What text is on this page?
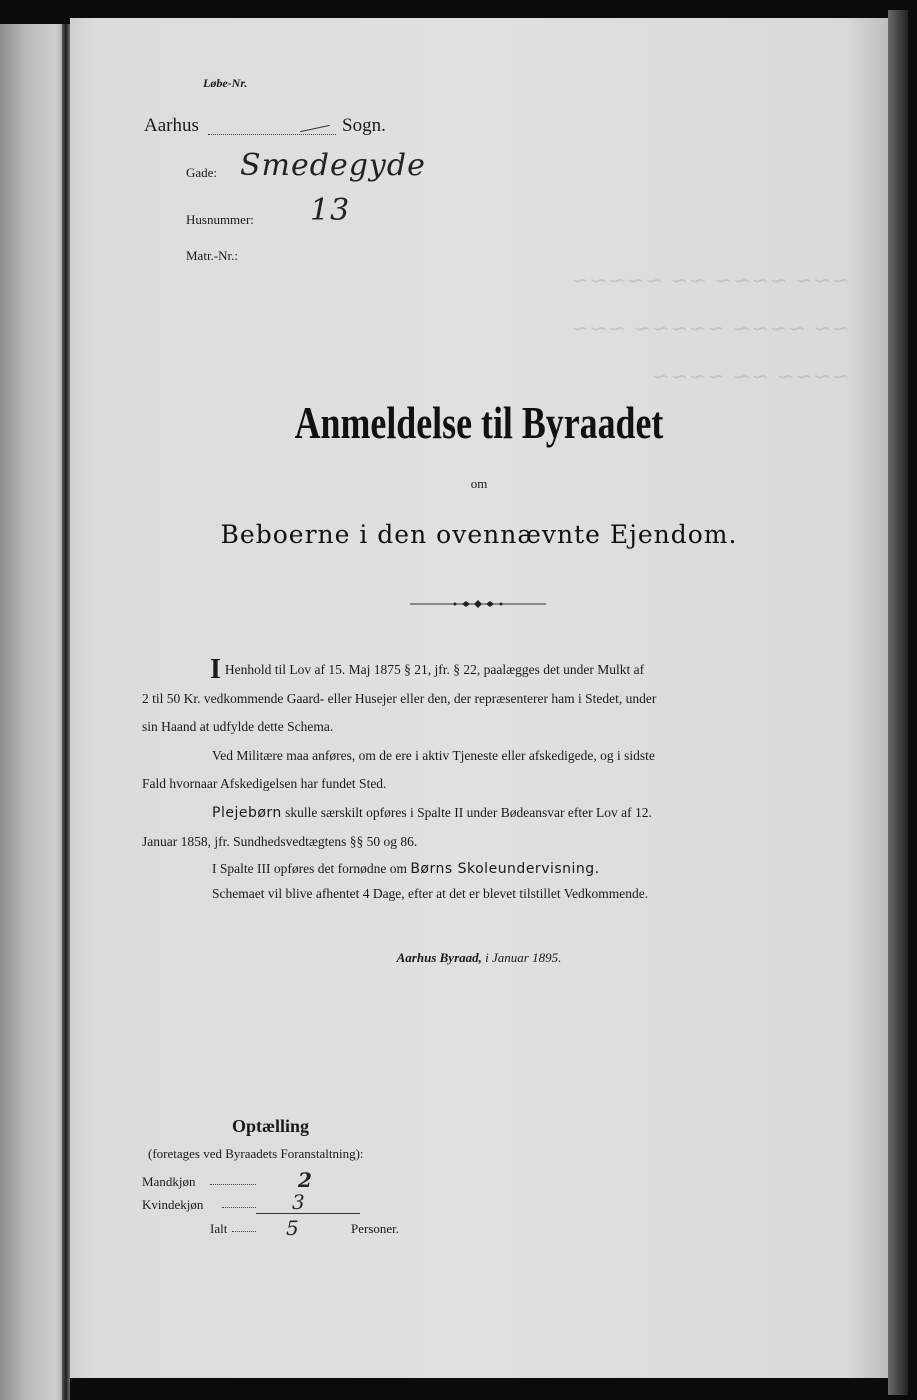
~~~ ~~~~ ~~ ~~~~~
~~ ~~~~ ~~~~~ ~~~
~~~~ ~~ ~~~~
Løbe-Nr.
Aarhus	Sogn.
Gade: Smedegyde
Husnummer: 13
Matr.-Nr.:
Anmeldelse til Byraadet
om
Beboerne i den ovennævnte Ejendom.
I Henhold til Lov af 15. Maj 1875 § 21, jfr. § 22, paalægges det under Mulkt af
2 til 50 Kr. vedkommende Gaard- eller Husejer eller den, der repræsenterer ham i Stedet, under
sin Haand at udfylde dette Schema.
Ved Militære maa anføres, om de ere i aktiv Tjeneste eller afskedigede, og i sidste
Fald hvornaar Afskedigelsen har fundet Sted.
Plejebørn skulle særskilt opføres i Spalte II under Bødeansvar efter Lov af 12.
Januar 1858, jfr. Sundhedsvedtægtens §§ 50 og 86.
I Spalte III opføres det fornødne om Børns Skoleundervisning.
Schemaet vil blive afhentet 4 Dage, efter at det er blevet tilstillet Vedkommende.
Aarhus Byraad, i Januar 1895.
Optælling
(foretages ved Byraadets Foranstaltning):
Mandkjøn	2
Kvindekjøn	3
Ialt	5	Personer.
